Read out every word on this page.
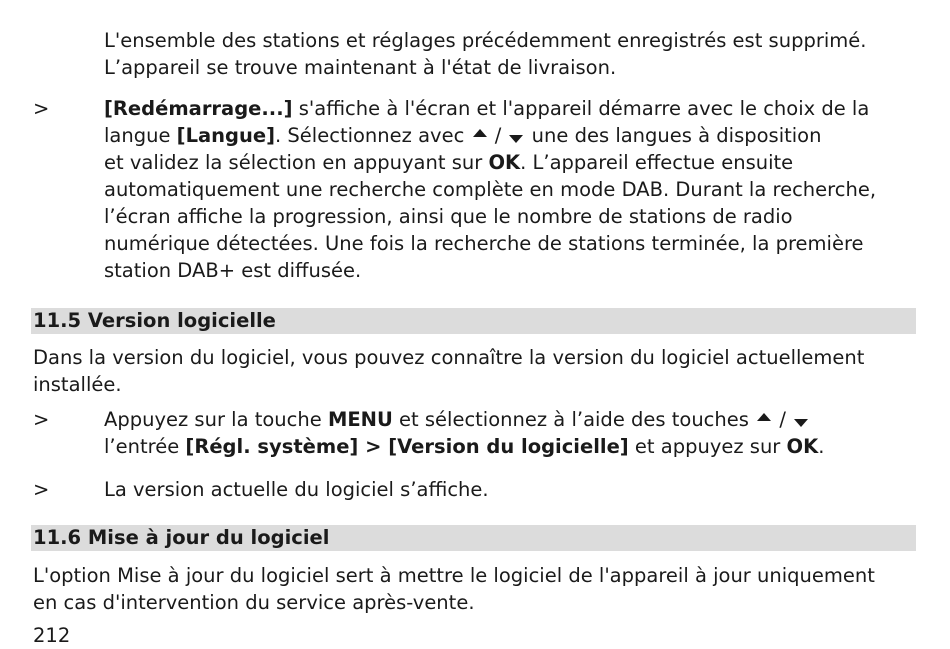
L'ensemble des stations et réglages précédemment enregistrés est supprimé.
L’appareil se trouve maintenant à l'état de livraison.
>	[Redémarrage...] s'affiche à l'écran et l'appareil démarre avec le choix de la
langue [Langue]. Sélectionnez avec  /  une des langues à disposition
et validez la sélection en appuyant sur OK. L’appareil effectue ensuite
automatiquement une recherche complète en mode DAB. Durant la recherche,
l’écran affiche la progression, ainsi que le nombre de stations de radio
numérique détectées. Une fois la recherche de stations terminée, la première
station DAB+ est diffusée.
11.5 Version logicielle
Dans la version du logiciel, vous pouvez connaître la version du logiciel actuellement
installée.
>	Appuyez sur la touche MENU et sélectionnez à l’aide des touches  /
l’entrée [Régl. système] > [Version du logicielle] et appuyez sur OK.
>	La version actuelle du logiciel s’affiche.
11.6 Mise à jour du logiciel
L'option Mise à jour du logiciel sert à mettre le logiciel de l'appareil à jour uniquement
en cas d'intervention du service après-vente.
212
